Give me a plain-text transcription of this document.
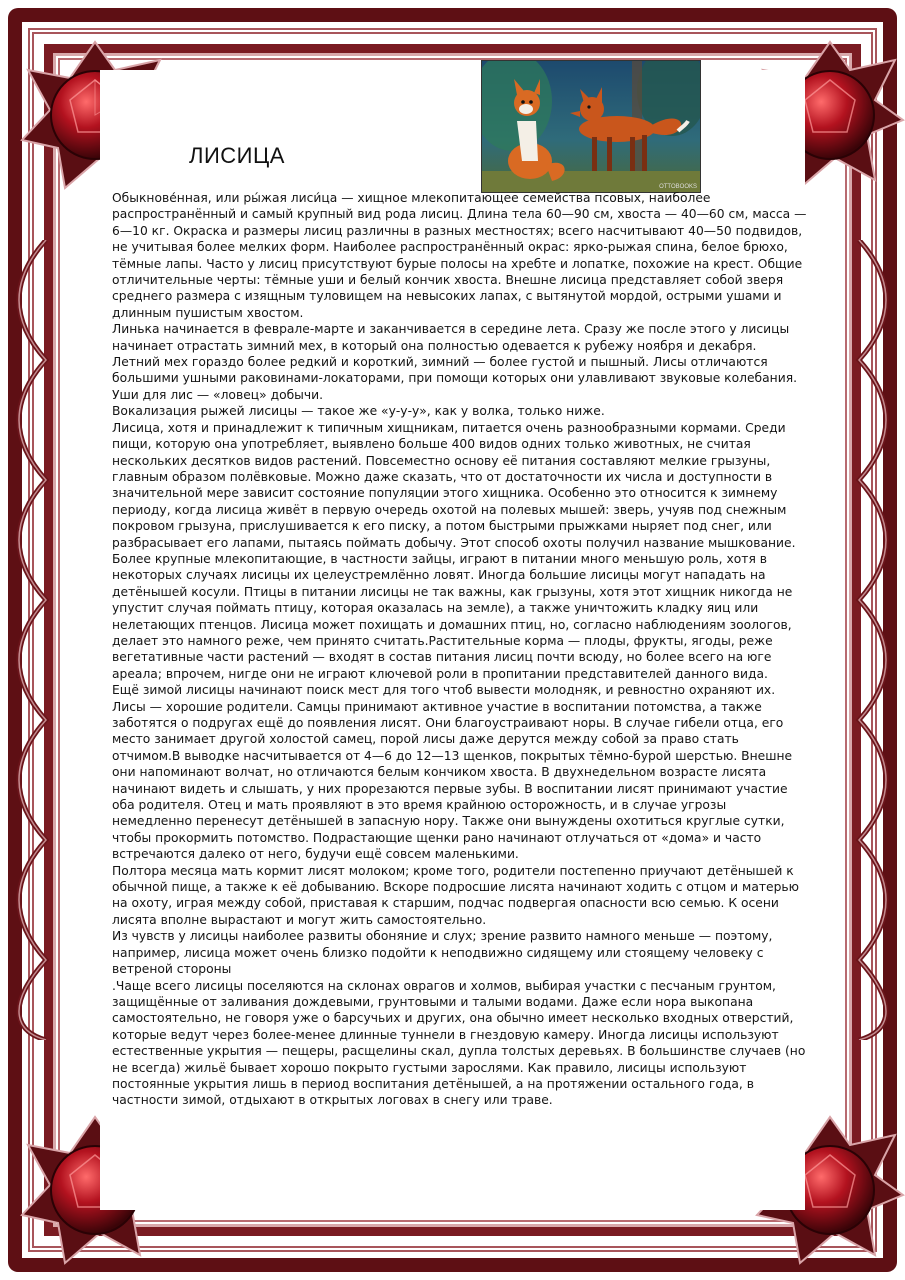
OTTOBOOKS
ЛИСИЦА

Обыкнове́нная, или ры́жая лиси́ца — хищное млекопитающее семейства псовых, наиболее распространённый и самый крупный вид рода лисиц. Длина тела 60—90 см, хвоста — 40—60 см, масса — 6—10 кг. Окраска и размеры лисиц различны в разных местностях; всего насчитывают 40—50 подвидов, не учитывая более мелких форм. Наиболее распространённый окрас: ярко-рыжая спина, белое брюхо, тёмные лапы. Часто у лисиц присутствуют бурые полосы на хребте и лопатке, похожие на крест. Общие отличительные черты: тёмные уши и белый кончик хвоста. Внешне лисица представляет собой зверя среднего размера с изящным туловищем на невысоких лапах, с вытянутой мордой, острыми ушами и длинным пушистым хвостом.

Линька начинается в феврале-марте и заканчивается в середине лета. Сразу же после этого у лисицы начинает отрастать зимний мех, в который она полностью одевается к рубежу ноября и декабря. Летний мех гораздо более редкий и короткий, зимний — более густой и пышный. Лисы отличаются большими ушными раковинами-локаторами, при помощи которых они улавливают звуковые колебания. Уши для лис — «ловец» добычи.

Вокализация рыжей лисицы — такое же «у-у-у», как у волка, только ниже.

Лисица, хотя и принадлежит к типичным хищникам, питается очень разнообразными кормами. Среди пищи, которую она употребляет, выявлено больше 400 видов одних только животных, не считая нескольких десятков видов растений. Повсеместно основу её питания составляют мелкие грызуны, главным образом полёвковые. Можно даже сказать, что от достаточности их числа и доступности в значительной мере зависит состояние популяции этого хищника. Особенно это относится к зимнему периоду, когда лисица живёт в первую очередь охотой на полевых мышей: зверь, учуяв под снежным покровом грызуна, прислушивается к его писку, а потом быстрыми прыжками ныряет под снег, или разбрасывает его лапами, пытаясь поймать добычу. Этот способ охоты получил название мышкование.

Более крупные млекопитающие, в частности зайцы, играют в питании много меньшую роль, хотя в некоторых случаях лисицы их целеустремлённо ловят. Иногда большие лисицы могут нападать на детёнышей косули. Птицы в питании лисицы не так важны, как грызуны, хотя этот хищник никогда не упустит случая поймать птицу, которая оказалась на земле), а также уничтожить кладку яиц или нелетающих птенцов. Лисица может похищать и домашних птиц, но, согласно наблюдениям зоологов, делает это намного реже, чем принято считать.Растительные корма — плоды, фрукты, ягоды, реже вегетативные части растений — входят в состав питания лисиц почти всюду, но более всего на юге ареала; впрочем, нигде они не играют ключевой роли в пропитании представителей данного вида.

Ещё зимой лисицы начинают поиск мест для того чтоб вывести молодняк, и ревностно охраняют их. Лисы — хорошие родители. Самцы принимают активное участие в воспитании потомства, а также заботятся о подругах ещё до появления лисят. Они благоустраивают норы. В случае гибели отца, его место занимает другой холостой самец, порой лисы даже дерутся между собой за право стать отчимом.В выводке насчитывается от 4—6 до 12—13 щенков, покрытых тёмно-бурой шерстью. Внешне они напоминают волчат, но отличаются белым кончиком хвоста. В двухнедельном возрасте лисята начинают видеть и слышать, у них прорезаются первые зубы. В воспитании лисят принимают участие оба родителя. Отец и мать проявляют в это время крайнюю осторожность, и в случае угрозы немедленно перенесут детёнышей в запасную нору. Также они вынуждены охотиться круглые сутки, чтобы прокормить потомство. Подрастающие щенки рано начинают отлучаться от «дома» и часто встречаются далеко от него, будучи ещё совсем маленькими.

Полтора месяца мать кормит лисят молоком; кроме того, родители постепенно приучают детёнышей к обычной пище, а также к её добыванию. Вскоре подросшие лисята начинают ходить с отцом и матерью на охоту, играя между собой, приставая к старшим, подчас подвергая опасности всю семью. К осени лисята вполне вырастают и могут жить самостоятельно.

Из чувств у лисицы наиболее развиты обоняние и слух; зрение развито намного меньше — поэтому, например, лисица может очень близко подойти к неподвижно сидящему или стоящему человеку с ветреной стороны

.Чаще всего лисицы поселяются на склонах оврагов и холмов, выбирая участки с песчаным грунтом, защищённые от заливания дождевыми, грунтовыми и талыми водами. Даже если нора выкопана самостоятельно, не говоря уже о барсучьих и других, она обычно имеет несколько входных отверстий, которые ведут через более-менее длинные туннели в гнездовую камеру. Иногда лисицы используют естественные укрытия — пещеры, расщелины скал, дупла толстых деревьях. В большинстве случаев (но не всегда) жильё бывает хорошо покрыто густыми зарослями. Как правило, лисицы используют постоянные укрытия лишь в период воспитания детёнышей, а на протяжении остального года, в частности зимой, отдыхают в открытых логовах в снегу или траве.
